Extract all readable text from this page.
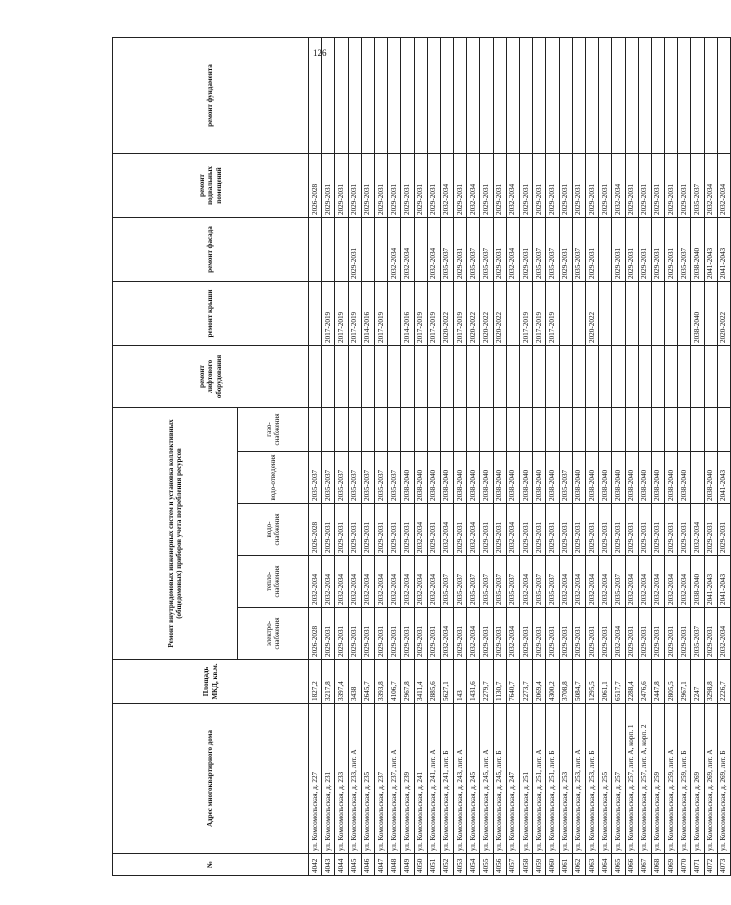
126
№	Адрес многоквартирного дома	Площадь МКД, кв.м.	Ремонт внутридомовых инженерных систем и установка коллективных (общедомовых) приборов учета потребления ресурсов					ремонт лифтового оборудования	ремонт крыши	ремонт фасада	ремонт подвальных помещений	ремонт фундамента
			электро-снабжения	тепло-снабжения	водо-снабжения	водо-отведения	газо-снабжения					
4042	ул. Комсомольская, д. 227	1827,2	2026-2028	2032-2034	2026-2028	2035-2037					2026-2028	
4043	ул. Комсомольская, д. 231	3217,8	2029-2031	2032-2034	2029-2031	2035-2037			2017-2019		2029-2031	
4044	ул. Комсомольская, д. 233	3397,4	2029-2031	2032-2034	2029-2031	2035-2037			2017-2019		2029-2031	
4045	ул. Комсомольская, д. 233, лит. А	3438	2029-2031	2032-2034	2029-2031	2035-2037			2017-2019	2029-2031	2029-2031	
4046	ул. Комсомольская, д. 235	2645,7	2029-2031	2032-2034	2029-2031	2035-2037			2014-2016		2029-2031	
4047	ул. Комсомольская, д. 237	3393,8	2029-2031	2032-2034	2029-2031	2035-2037			2017-2019		2029-2031	
4048	ул. Комсомольская, д. 237, лит. А	4106,7	2029-2031	2032-2034	2029-2031	2035-2037				2032-2034	2029-2031	
4049	ул. Комсомольская, д. 239	2967,8	2029-2031	2032-2034	2029-2031	2038-2040			2014-2016	2032-2034	2029-2031	
4050	ул. Комсомольская, д. 241	3411,4	2029-2031	2032-2034	2032-2034	2038-2040			2017-2019		2029-2031	
4051	ул. Комсомольская, д. 241, лит. А	2885,6	2029-2031	2032-2034	2029-2031	2038-2040			2017-2019	2032-2034	2029-2031	
4052	ул. Комсомольская, д. 241, лит. Б	5627,1	2032-2034	2035-2037	2032-2034	2038-2040			2020-2022	2035-2037	2032-2034	
4053	ул. Комсомольская, д. 243, лит. А	143	2029-2031	2035-2037	2029-2031	2038-2040			2017-2019	2029-2031	2029-2031	
4054	ул. Комсомольская, д. 245	1431,6	2032-2034	2035-2037	2032-2034	2038-2040			2020-2022	2035-2037	2032-2034	
4055	ул. Комсомольская, д. 245, лит. А	2279,7	2029-2031	2035-2037	2029-2031	2038-2040			2020-2022	2035-2037	2029-2031	
4056	ул. Комсомольская, д. 245, лит. Б	1130,7	2029-2031	2035-2037	2029-2031	2038-2040			2020-2022	2029-2031	2029-2031	
4057	ул. Комсомольская, д. 247	7640,7	2032-2034	2035-2037	2032-2034	2038-2040				2032-2034	2032-2034	
4058	ул. Комсомольская, д. 251	2273,7	2029-2031	2032-2034	2029-2031	2038-2040			2017-2019	2029-2031	2029-2031	
4059	ул. Комсомольская, д. 251, лит. А	2069,4	2029-2031	2035-2037	2029-2031	2038-2040			2017-2019	2035-2037	2029-2031	
4060	ул. Комсомольская, д. 251, лит. Б	4300,2	2029-2031	2035-2037	2029-2031	2038-2040			2017-2019	2035-2037	2029-2031	
4061	ул. Комсомольская, д. 253	3708,8	2029-2031	2032-2034	2029-2031	2035-2037				2029-2031	2029-2031	
4062	ул. Комсомольская, д. 253, лит. А	5084,7	2029-2031	2032-2034	2029-2031	2038-2040				2035-2037	2029-2031	
4063	ул. Комсомольская, д. 253, лит. Б	1295,5	2029-2031	2032-2034	2029-2031	2038-2040			2020-2022	2029-2031	2029-2031	
4064	ул. Комсомольская, д. 255	2061,1	2029-2031	2032-2034	2029-2031	2038-2040					2029-2031	
4065	ул. Комсомольская, д. 257	6517,7	2032-2034	2035-2037	2029-2031	2038-2040				2029-2031	2032-2034	
4066	ул. Комсомольская, д. 257, лит. А, корп. 1	2288,4	2029-2031	2032-2034	2029-2031	2038-2040				2029-2031	2029-2031	
4067	ул. Комсомольская, д. 257, лит. А, корп. 2	2476,6	2029-2031	2032-2034	2029-2031	2038-2040				2029-2031	2029-2031	
4068	ул. Комсомольская, д. 259	2447,8	2029-2031	2032-2034	2029-2031	2038-2040				2029-2031	2029-2031	
4069	ул. Комсомольская, д. 259, лит. А	2805,5	2029-2031	2032-2034	2029-2031	2038-2040				2029-2031	2029-2031	
4070	ул. Комсомольская, д. 259, лит. Б	2967,1	2029-2031	2032-2034	2029-2031	2038-2040				2035-2037	2029-2031	
4071	ул. Комсомольская, д. 269	2247	2035-2037	2038-2040	2032-2034				2038-2040	2038-2040	2035-2037	
4072	ул. Комсомольская, д. 269, лит. А	3298,8	2029-2031	2041-2043	2029-2031	2038-2040				2041-2043	2032-2034	
4073	ул. Комсомольская, д. 269, лит. Б	2226,7	2032-2034	2041-2043	2029-2031	2041-2043			2020-2022	2041-2043	2032-2034	
